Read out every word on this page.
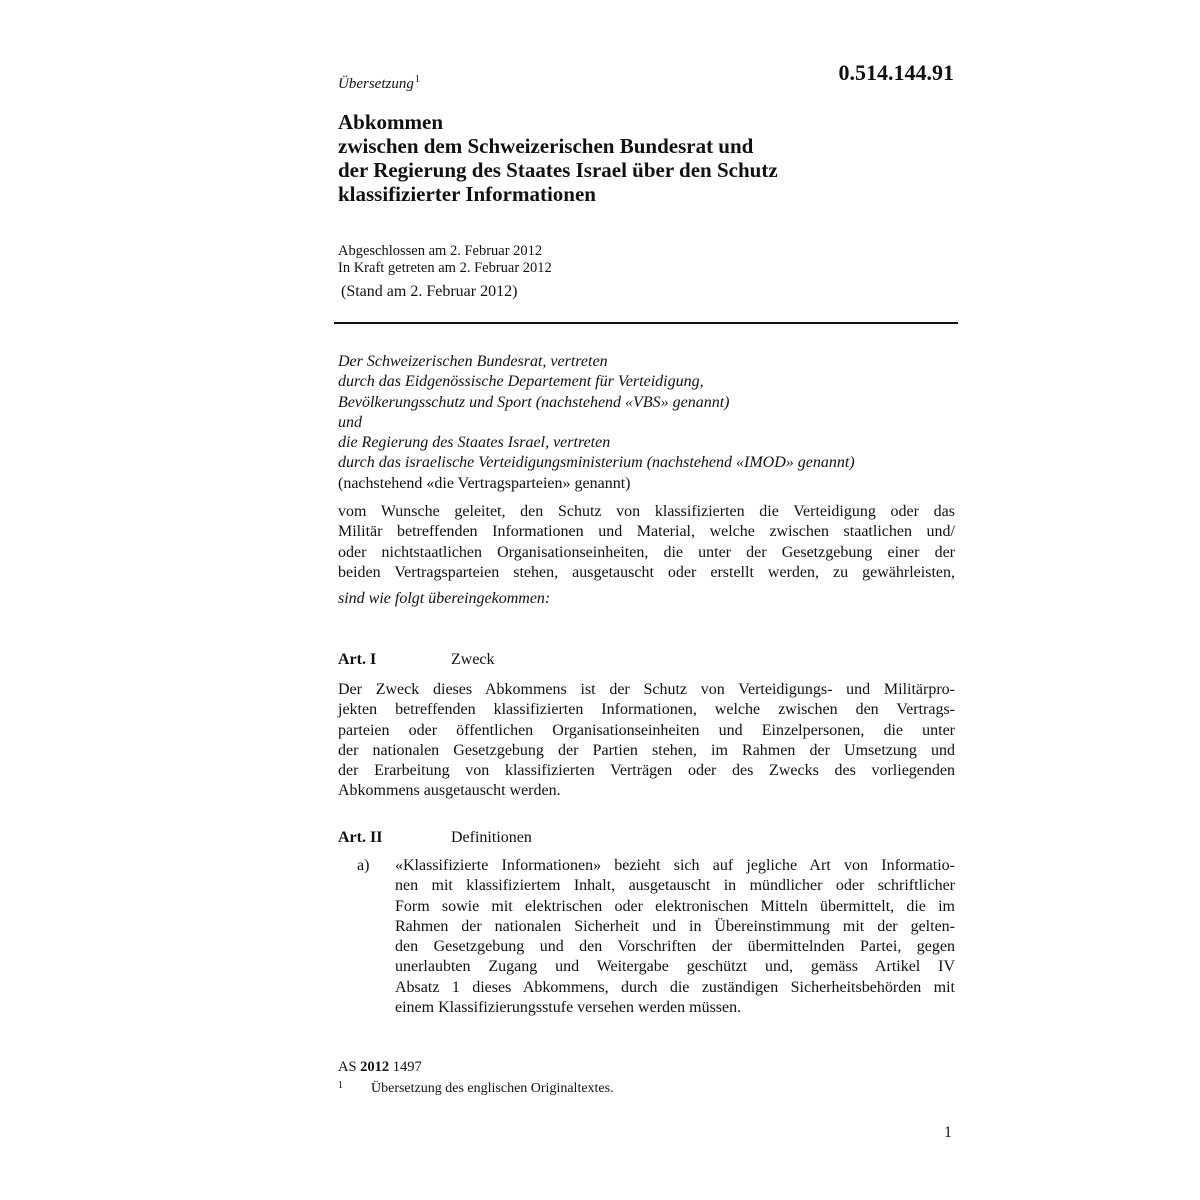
Übersetzung$^1$	0.514.144.91
Abkommen
zwischen dem Schweizerischen Bundesrat und
der Regierung des Staates Israel über den Schutz
klassifizierter Informationen
Abgeschlossen am 2. Februar 2012
In Kraft getreten am 2. Februar 2012
(Stand am 2. Februar 2012)
Der Schweizerischen Bundesrat, vertreten
durch das Eidgenössische Departement für Verteidigung,
Bevölkerungsschutz und Sport (nachstehend «VBS» genannt)
und
die Regierung des Staates Israel, vertreten
durch das israelische Verteidigungsministerium (nachstehend «IMOD» genannt)
(nachstehend «die Vertragsparteien» genannt)
vom Wunsche geleitet, den Schutz von klassifizierten die Verteidigung oder das
Militär betreffenden Informationen und Material, welche zwischen staatlichen und/
oder nichtstaatlichen Organisationseinheiten, die unter der Gesetzgebung einer der
beiden Vertragsparteien stehen, ausgetauscht oder erstellt werden, zu gewährleisten,
sind wie folgt übereingekommen:
Art. I	Zweck
Der Zweck dieses Abkommens ist der Schutz von Verteidigungs- und Militärpro-
jekten betreffenden klassifizierten Informationen, welche zwischen den Vertrags-
parteien oder öffentlichen Organisationseinheiten und Einzelpersonen, die unter
der nationalen Gesetzgebung der Partien stehen, im Rahmen der Umsetzung und
der Erarbeitung von klassifizierten Verträgen oder des Zwecks des vorliegenden
Abkommens ausgetauscht werden.
Art. II	Definitionen
a) «Klassifizierte Informationen» bezieht sich auf jegliche Art von Informatio-
nen mit klassifiziertem Inhalt, ausgetauscht in mündlicher oder schriftlicher
Form sowie mit elektrischen oder elektronischen Mitteln übermittelt, die im
Rahmen der nationalen Sicherheit und in Übereinstimmung mit der gelten-
den Gesetzgebung und den Vorschriften der übermittelnden Partei, gegen
unerlaubten Zugang und Weitergabe geschützt und, gemäss Artikel IV
Absatz 1 dieses Abkommens, durch die zuständigen Sicherheitsbehörden mit
einem Klassifizierungsstufe versehen werden müssen.
AS 2012 1497
1 Übersetzung des englischen Originaltextes.
1
